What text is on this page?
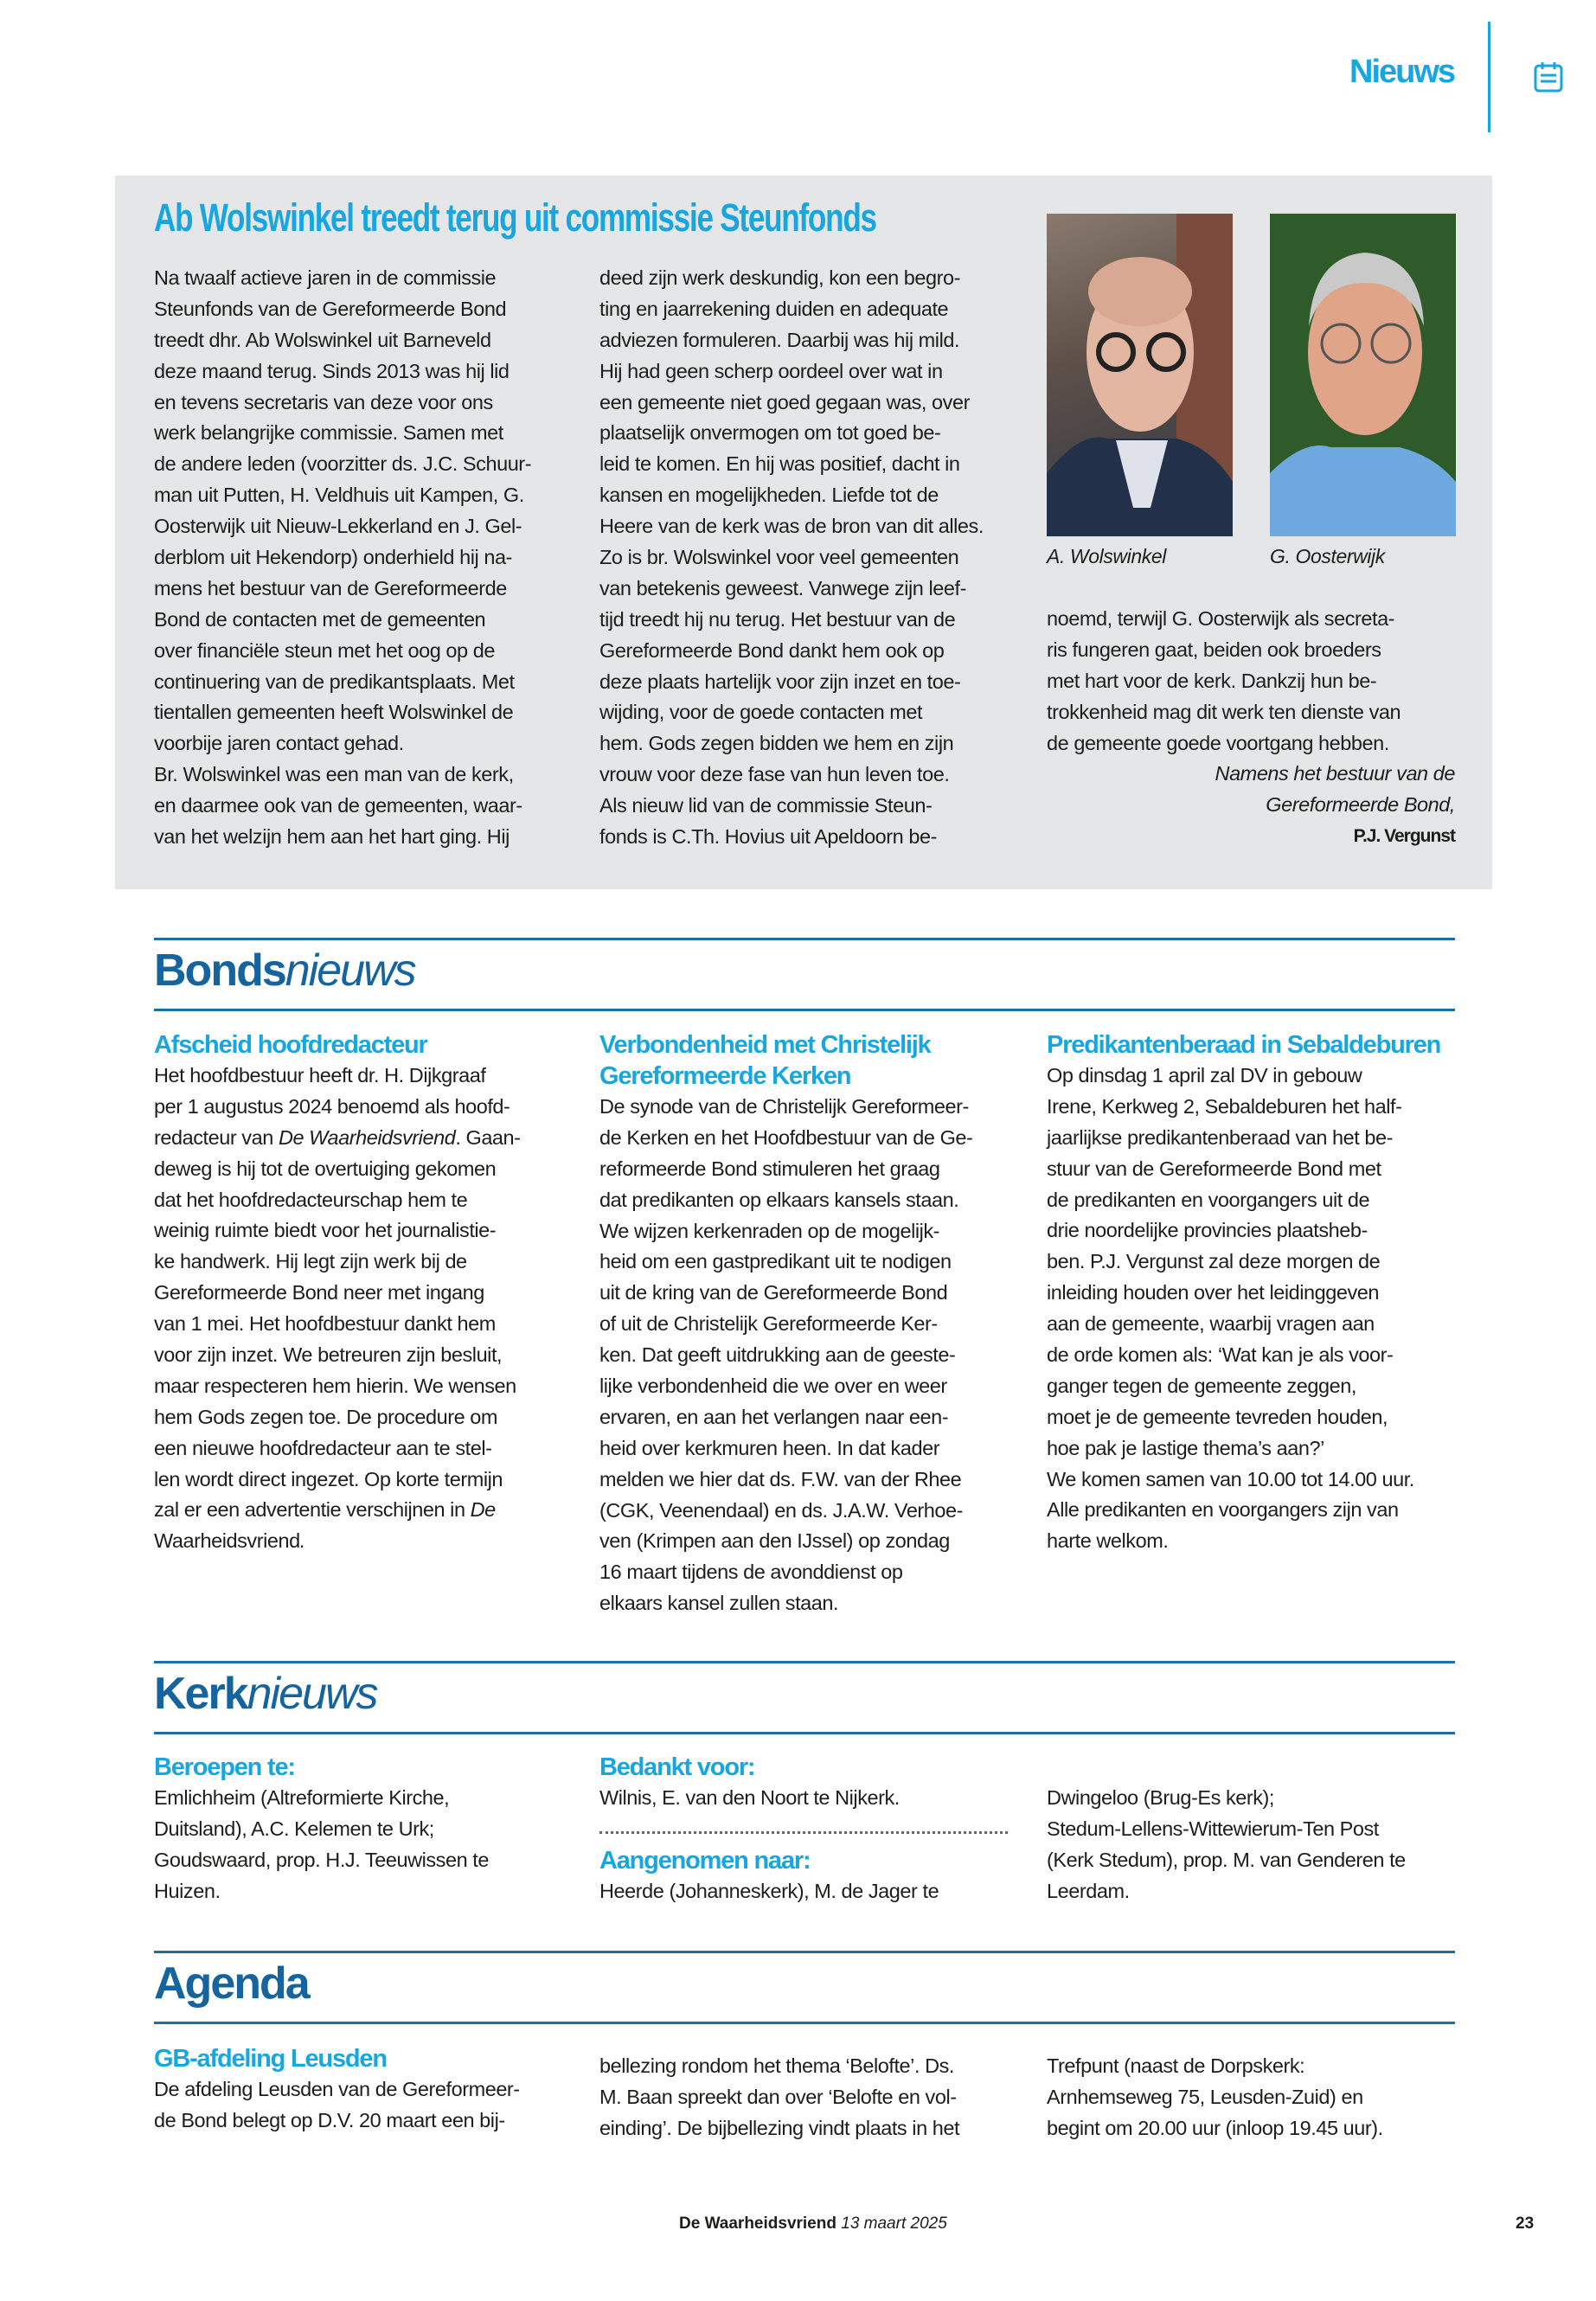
Nieuws
Ab Wolswinkel treedt terug uit commissie Steunfonds
Na twaalf actieve jaren in de commissie
Steunfonds van de Gereformeerde Bond
treedt dhr. Ab Wolswinkel uit Barneveld
deze maand terug. Sinds 2013 was hij lid
en tevens secretaris van deze voor ons
werk belangrijke commissie. Samen met
de andere leden (voorzitter ds. J.C. Schuur-
man uit Putten, H. Veldhuis uit Kampen, G.
Oosterwijk uit Nieuw-Lekkerland en J. Gel-
derblom uit Hekendorp) onderhield hij na-
mens het bestuur van de Gereformeerde
Bond de contacten met de gemeenten
over financiële steun met het oog op de
continuering van de predikantsplaats. Met
tientallen gemeenten heeft Wolswinkel de
voorbije jaren contact gehad.
Br. Wolswinkel was een man van de kerk,
en daarmee ook van de gemeenten, waar-
van het welzijn hem aan het hart ging. Hij
deed zijn werk deskundig, kon een begro-
ting en jaarrekening duiden en adequate
adviezen formuleren. Daarbij was hij mild.
Hij had geen scherp oordeel over wat in
een gemeente niet goed gegaan was, over
plaatselijk onvermogen om tot goed be-
leid te komen. En hij was positief, dacht in
kansen en mogelijkheden. Liefde tot de
Heere van de kerk was de bron van dit alles.
Zo is br. Wolswinkel voor veel gemeenten
van betekenis geweest. Vanwege zijn leef-
tijd treedt hij nu terug. Het bestuur van de
Gereformeerde Bond dankt hem ook op
deze plaats hartelijk voor zijn inzet en toe-
wijding, voor de goede contacten met
hem. Gods zegen bidden we hem en zijn
vrouw voor deze fase van hun leven toe.
Als nieuw lid van de commissie Steun-
fonds is C.Th. Hovius uit Apeldoorn be-
A. Wolswinkel	G. Oosterwijk
noemd, terwijl G. Oosterwijk als secreta-
ris fungeren gaat, beiden ook broeders
met hart voor de kerk. Dankzij hun be-
trokkenheid mag dit werk ten dienste van
de gemeente goede voortgang hebben.
Namens het bestuur van de
Gereformeerde Bond,
P.J. Vergunst
Bondsnieuws
Afscheid hoofdredacteur
Het hoofdbestuur heeft dr. H. Dijkgraaf
per 1 augustus 2024 benoemd als hoofd-
redacteur van De Waarheidsvriend. Gaan-
deweg is hij tot de overtuiging gekomen
dat het hoofdredacteurschap hem te
weinig ruimte biedt voor het journalistie-
ke handwerk. Hij legt zijn werk bij de
Gereformeerde Bond neer met ingang
van 1 mei. Het hoofdbestuur dankt hem
voor zijn inzet. We betreuren zijn besluit,
maar respecteren hem hierin. We wensen
hem Gods zegen toe. De procedure om
een nieuwe hoofdredacteur aan te stel-
len wordt direct ingezet. Op korte termijn
zal er een advertentie verschijnen in De
Waarheidsvriend.
Verbondenheid met Christelijk
Gereformeerde Kerken
De synode van de Christelijk Gereformeer-
de Kerken en het Hoofdbestuur van de Ge-
reformeerde Bond stimuleren het graag
dat predikanten op elkaars kansels staan.
We wijzen kerkenraden op de mogelijk-
heid om een gastpredikant uit te nodigen
uit de kring van de Gereformeerde Bond
of uit de Christelijk Gereformeerde Ker-
ken. Dat geeft uitdrukking aan de geeste-
lijke verbondenheid die we over en weer
ervaren, en aan het verlangen naar een-
heid over kerkmuren heen. In dat kader
melden we hier dat ds. F.W. van der Rhee
(CGK, Veenendaal) en ds. J.A.W. Verhoe-
ven (Krimpen aan den IJssel) op zondag
16 maart tijdens de avonddienst op
elkaars kansel zullen staan.
Predikantenberaad in Sebaldeburen
Op dinsdag 1 april zal DV in gebouw
Irene, Kerkweg 2, Sebaldeburen het half-
jaarlijkse predikantenberaad van het be-
stuur van de Gereformeerde Bond met
de predikanten en voorgangers uit de
drie noordelijke provincies plaatsheb-
ben. P.J. Vergunst zal deze morgen de
inleiding houden over het leidinggeven
aan de gemeente, waarbij vragen aan
de orde komen als: ‘Wat kan je als voor-
ganger tegen de gemeente zeggen,
moet je de gemeente tevreden houden,
hoe pak je lastige thema’s aan?’
We komen samen van 10.00 tot 14.00 uur.
Alle predikanten en voorgangers zijn van
harte welkom.
Kerknieuws
Beroepen te:
Emlichheim (Altreformierte Kirche,
Duitsland), A.C. Kelemen te Urk;
Goudswaard, prop. H.J. Teeuwissen te
Huizen.
Bedankt voor:
Wilnis, E. van den Noort te Nijkerk.
Aangenomen naar:
Heerde (Johanneskerk), M. de Jager te
Dwingeloo (Brug-Es kerk);
Stedum-Lellens-Wittewierum-Ten Post
(Kerk Stedum), prop. M. van Genderen te
Leerdam.
Agenda
GB-afdeling Leusden
De afdeling Leusden van de Gereformeer-
de Bond belegt op D.V. 20 maart een bij-
bellezing rondom het thema ‘Belofte’. Ds.
M. Baan spreekt dan over ‘Belofte en vol-
einding’. De bijbellezing vindt plaats in het
Trefpunt (naast de Dorpskerk:
Arnhemseweg 75, Leusden-Zuid) en
begint om 20.00 uur (inloop 19.45 uur).
De Waarheidsvriend 13 maart 2025	23
